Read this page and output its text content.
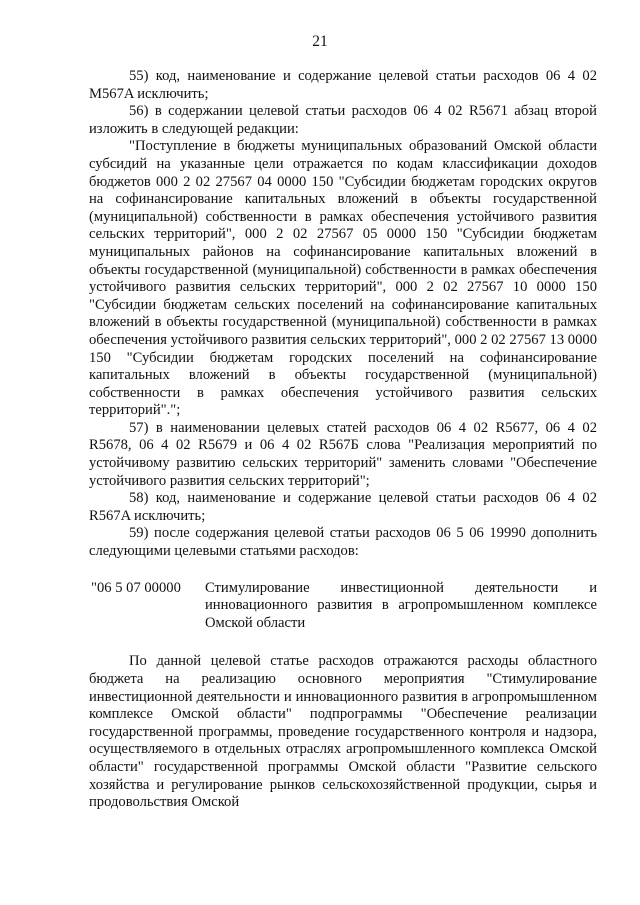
21

55) код, наименование и содержание целевой статьи расходов 06 4 02 M567A исключить;

56) в содержании целевой статьи расходов 06 4 02 R5671 абзац второй изложить в следующей редакции:

"Поступление в бюджеты муниципальных образований Омской области субсидий на указанные цели отражается по кодам классификации доходов бюджетов 000 2 02 27567 04 0000 150 "Субсидии бюджетам городских округов на софинансирование капитальных вложений в объекты государственной (муниципальной) собственности в рамках обеспечения устойчивого развития сельских территорий", 000 2 02 27567 05 0000 150 "Субсидии бюджетам муниципальных районов на софинансирование капитальных вложений в объекты государственной (муниципальной) собственности в рамках обеспечения устойчивого развития сельских территорий", 000 2 02 27567 10 0000 150 "Субсидии бюджетам сельских поселений на софинансирование капитальных вложений в объекты государственной (муниципальной) собственности в рамках обеспечения устойчивого развития сельских территорий", 000 2 02 27567 13 0000 150 "Субсидии бюджетам городских поселений на софинансирование капитальных вложений в объекты государственной (муниципальной) собственности в рамках обеспечения устойчивого развития сельских территорий".";

57) в наименовании целевых статей расходов 06 4 02 R5677, 06 4 02 R5678, 06 4 02 R5679 и 06 4 02 R567Б слова "Реализация мероприятий по устойчивому развитию сельских территорий" заменить словами "Обеспечение устойчивого развития сельских территорий";

58) код, наименование и содержание целевой статьи расходов 06 4 02 R567A исключить;

59) после содержания целевой статьи расходов 06 5 06 19990 дополнить следующими целевыми статьями расходов:

"06 5 07 00000	Стимулирование инвестиционной деятельности и инновационного развития в агропромышленном комплексе Омской области

По данной целевой статье расходов отражаются расходы областного бюджета на реализацию основного мероприятия "Стимулирование инвестиционной деятельности и инновационного развития в агропромышленном комплексе Омской области" подпрограммы "Обеспечение реализации государственной программы, проведение государственного контроля и надзора, осуществляемого в отдельных отраслях агропромышленного комплекса Омской области" государственной программы Омской области "Развитие сельского хозяйства и регулирование рынков сельскохозяйственной продукции, сырья и продовольствия Омской
